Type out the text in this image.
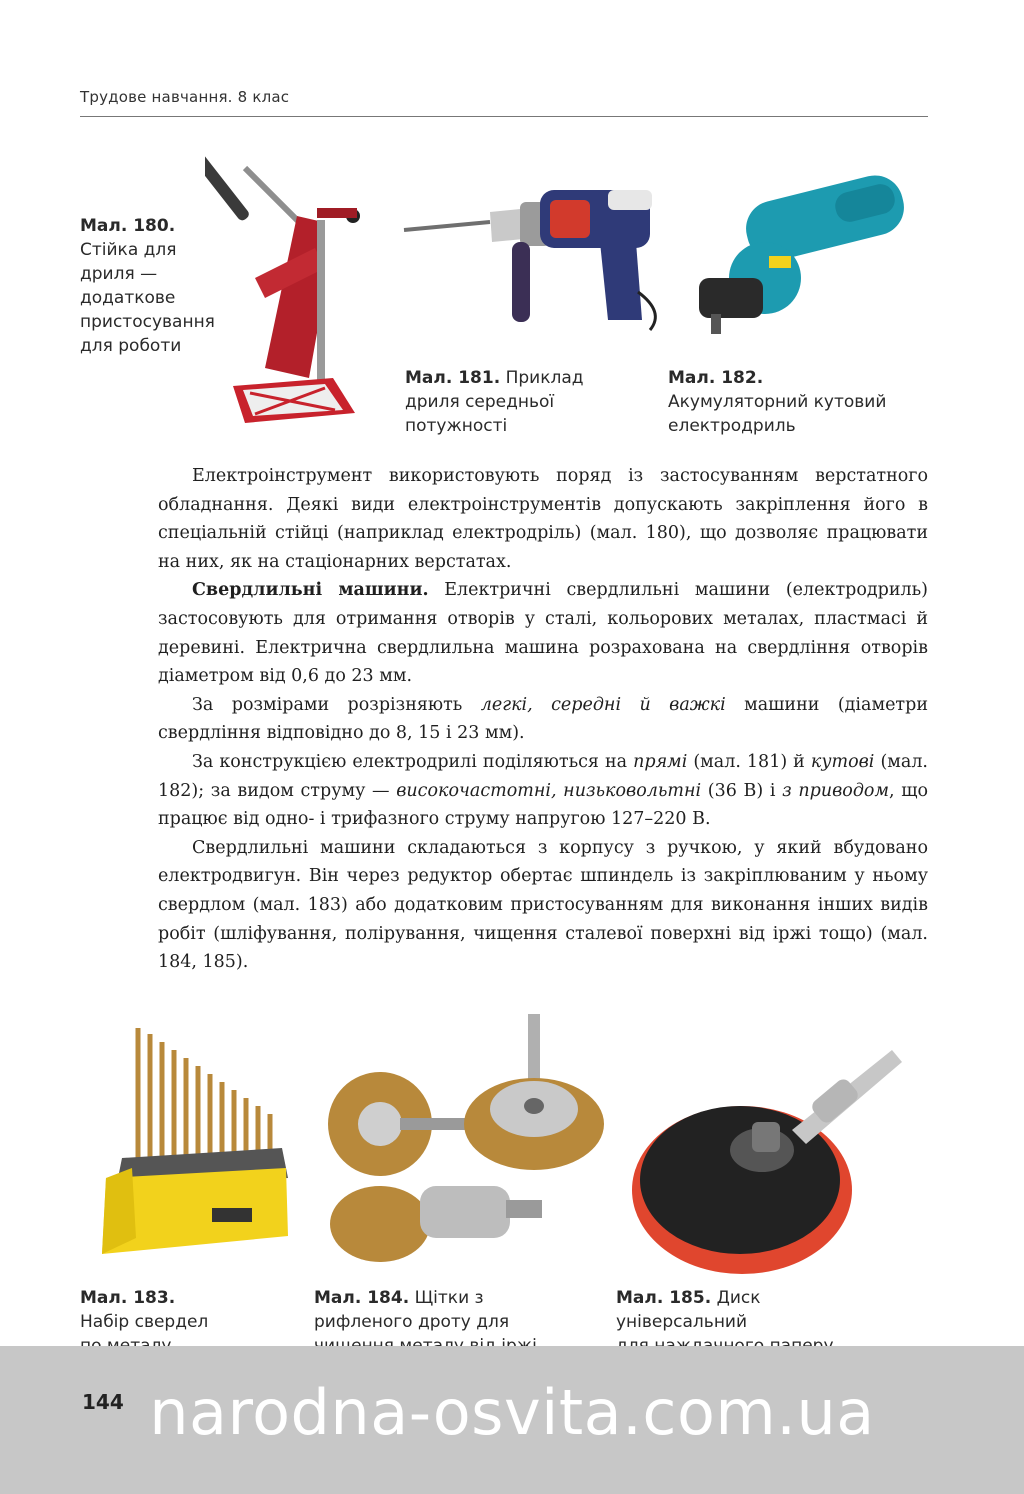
Трудове навчання. 8 клас
Мал. 180.
Стійка для
дриля —
додаткове
пристосування
для роботи
Мал. 181. Приклад
дриля середньої
потужності
Мал. 182.
Акумуляторний кутовий
електродриль

Електроінструмент використовують поряд із застосуванням верстатного обладнання. Деякі види електроінструментів допускають закріплення його в спеціальній стійці (наприклад електродріль) (мал. 180), що дозволяє працювати на них, як на стаціонарних верстатах.

Свердлильні машини. Електричні свердлильні машини (електродриль) застосовують для отримання отворів у сталі, кольорових металах, пластмасі й деревині. Електрична свердлильна машина розрахована на свердління отворів діаметром від 0,6 до 23 мм.

За розмірами розрізняють легкі, середні й важкі машини (діаметри свердління відповідно до 8, 15 і 23 мм).

За конструкцією електродрилі поділяються на прямі (мал. 181) й кутові (мал. 182); за видом струму — високочастотні, низьковольтні (36 В) і з приводом, що працює від одно- і трифазного струму напругою 127–220 В.

Свердлильні машини складаються з корпусу з ручкою, у який вбудовано електродвигун. Він через редуктор обертає шпиндель із закріплюваним у ньому свердлом (мал. 183) або додатковим пристосуванням для виконання інших видів робіт (шліфування, полірування, чищення сталевої поверхні від іржі тощо) (мал. 184, 185).

Мал. 183.
Набір свердел
Мал. 184. Щітки з
рифленого дроту для
Мал. 185. Диск
універсальний
144 narodna-osvita.com.ua
